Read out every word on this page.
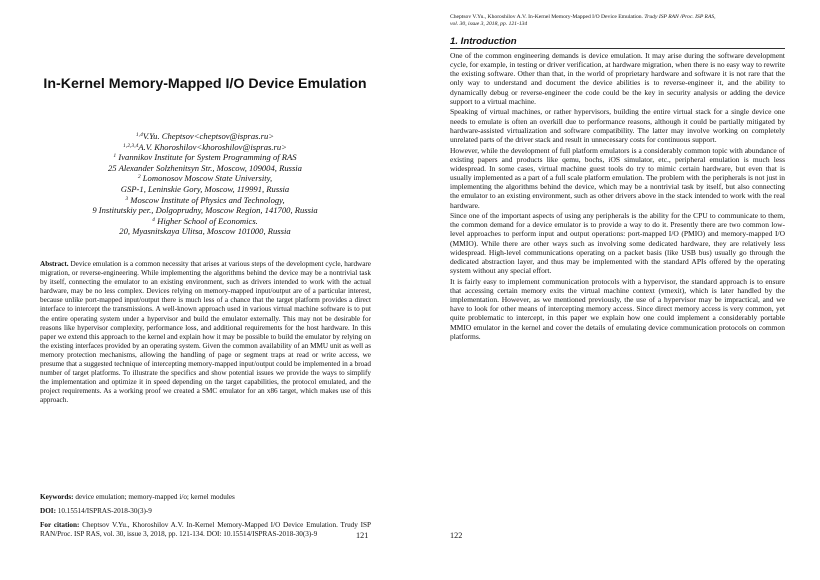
In-Kernel Memory-Mapped I/O Device Emulation
$^{1,4}$V.Yu. Cheptsov<cheptsov@ispras.ru>
$^{1,2,3,4}$A.V. Khoroshilov<khoroshilov@ispras.ru>
$^1$ Ivannikov Institute for System Programming of RAS
25 Alexander Solzhenitsyn Str., Moscow, 109004, Russia
$^2$ Lomonosov Moscow State University,
GSP-1, Leninskie Gory, Moscow, 119991, Russia
$^3$ Moscow Institute of Physics and Technology,
9 Institutskiy per., Dolgoprudny, Moscow Region, 141700, Russia
$^4$ Higher School of Economics.
20, Myasnitskaya Ulitsa, Moscow 101000, Russia

Abstract. Device emulation is a common necessity that arises at various steps of the development cycle, hardware migration, or reverse-engineering. While implementing the algorithms behind the device may be a nontrivial task by itself, connecting the emulator to an existing environment, such as drivers intended to work with the actual hardware, may be no less complex. Devices relying on memory-mapped input/output are of a particular interest, because unlike port-mapped input/output there is much less of a chance that the target platform provides a direct interface to intercept the transmissions. A well-known approach used in various virtual machine software is to put the entire operating system under a hypervisor and build the emulator externally. This may not be desirable for reasons like hypervisor complexity, performance loss, and additional requirements for the host hardware. In this paper we extend this approach to the kernel and explain how it may be possible to build the emulator by relying on the existing interfaces provided by an operating system. Given the common availability of an MMU unit as well as memory protection mechanisms, allowing the handling of page or segment traps at read or write access, we presume that a suggested technique of intercepting memory-mapped input/output could be implemented in a broad number of target platforms. To illustrate the specifics and show potential issues we provide the ways to simplify the implementation and optimize it in speed depending on the target capabilities, the protocol emulated, and the project requirements. As a working proof we created a SMC emulator for an x86 target, which makes use of this approach.

Keywords: device emulation; memory-mapped i/o; kernel modules

DOI: 10.15514/ISPRAS-2018-30(3)-9

For citation: Cheptsov V.Yu., Khoroshilov A.V. In-Kernel Memory-Mapped I/O Device Emulation. Trudy ISP RAN/Proc. ISP RAS, vol. 30, issue 3, 2018, pp. 121-134. DOI: 10.15514/ISPRAS-2018-30(3)-9	121
Cheptsov V.Yu., Khoroshilov A.V. In-Kernel Memory-Mapped I/O Device Emulation. Trudy ISP RAN /Proc. ISP RAS,
vol. 30, issue 3, 2018, pp. 121-134
1. Introduction

One of the common engineering demands is device emulation. It may arise during the software development cycle, for example, in testing or driver verification, at hardware migration, when there is no easy way to rewrite the existing software. Other than that, in the world of proprietary hardware and software it is not rare that the only way to understand and document the device abilities is to reverse-engineer it, and the ability to dynamically debug or reverse-engineer the code could be the key in security analysis or adding the device support to a virtual machine.

Speaking of virtual machines, or rather hypervisors, building the entire virtual stack for a single device one needs to emulate is often an overkill due to performance reasons, although it could be partially mitigated by hardware-assisted virtualization and software compatibility. The latter may involve working on completely unrelated parts of the driver stack and result in unnecessary costs for continuous support.

However, while the development of full platform emulators is a considerably common topic with abundance of existing papers and products like qemu, bochs, iOS simulator, etc., peripheral emulation is much less widespread. In some cases, virtual machine guest tools do try to mimic certain hardware, but even that is usually implemented as a part of a full scale platform emulation. The problem with the peripherals is not just in implementing the algorithms behind the device, which may be a nontrivial task by itself, but also connecting the emulator to an existing environment, such as other drivers above in the stack intended to work with the real hardware.

Since one of the important aspects of using any peripherals is the ability for the CPU to communicate to them, the common demand for a device emulator is to provide a way to do it. Presently there are two common low-level approaches to perform input and output operations: port-mapped I/O (PMIO) and memory-mapped I/O (MMIO). While there are other ways such as involving some dedicated hardware, they are relatively less widespread. High-level communications operating on a packet basis (like USB bus) usually go through the dedicated abstraction layer, and thus may be implemented with the standard APIs offered by the operating system without any special effort.

It is fairly easy to implement communication protocols with a hypervisor, the standard approach is to ensure that accessing certain memory exits the virtual machine context (vmexit), which is later handled by the implementation. However, as we mentioned previously, the use of a hypervisor may be impractical, and we have to look for other means of intercepting memory access. Since direct memory access is very common, yet quite problematic to intercept, in this paper we explain how one could implement a considerably portable MMIO emulator in the kernel and cover the details of emulating device communication protocols on common platforms.

122
